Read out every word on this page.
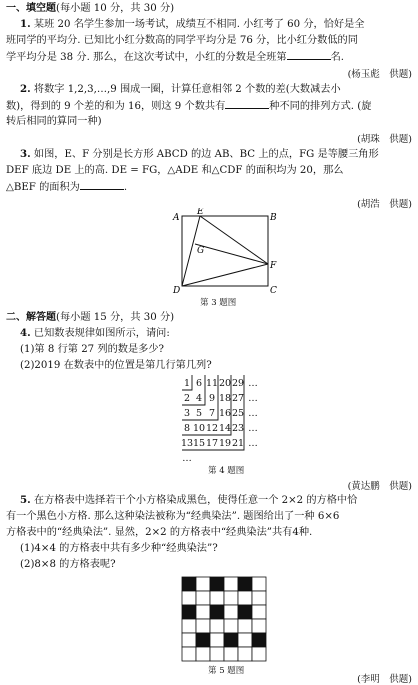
一、填空题(每小题 10 分，共 30 分)
1. 某班 20 名学生参加一场考试，成绩互不相同. 小红考了 60 分，恰好是全
班同学的平均分. 已知比小红分数高的同学平均分是 76 分，比小红分数低的同
学平均分是 38 分. 那么，在这次考试中，小红的分数是全班第	名.
(杨玉彪　供题)
2. 将数字 1,2,3,…,9 围成一圈，计算任意相邻 2 个数的差(大数减去小
数)，得到的 9 个差的和为 16，则这 9 个数共有	种不同的排列方式. (旋
转后相同的算同一种)
(胡珠　供题)
3. 如图，E、F 分别是长方形 ABCD 的边 AB、BC 上的点，FG 是等腰三角形
DEF 底边 DE 上的高. DE = FG，△ADE 和△CDF 的面积均为 20，那么
△BEF 的面积为	.
(胡浩　供题)
A
E
B
G
F
D	C
第 3 题图
二、解答题(每小题 15 分，共 30 分)
4. 已知数表规律如图所示，请问:
(1)第 8 行第 27 列的数是多少?
(2)2019 在数表中的位置是第几行第几列?
1 6 11 20 29 …
2 4 9 18 27 …
3 5 7 16 25 …
8 10 12 14 23 …
13 15 17 19 21 …
…
第 4 题图
(黄达鹏　供题)
5. 在方格表中选择若干个小方格染成黑色，使得任意一个 2×2 的方格中恰
有一个黑色小方格. 那么这种染法被称为“经典染法”. 题图给出了一种 6×6
方格表中的“经典染法”. 显然，2×2 的方格表中“经典染法”共有4种.
(1)4×4 的方格表中共有多少种“经典染法”?
(2)8×8 的方格表呢?
第 5 题图
(李明　供题)
